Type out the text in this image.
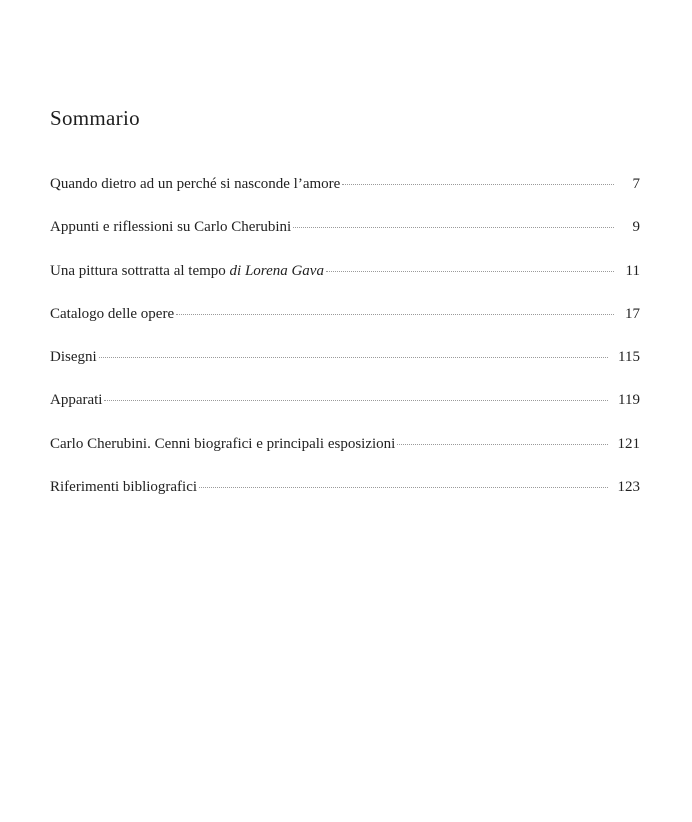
Sommario
Quando dietro ad un perché si nasconde l’amore	7
Appunti e riflessioni su Carlo Cherubini	9
Una pittura sottratta al tempo di Lorena Gava	11
Catalogo delle opere	17
Disegni	115
Apparati	119
Carlo Cherubini. Cenni biografici e principali esposizioni	121
Riferimenti bibliografici	123
